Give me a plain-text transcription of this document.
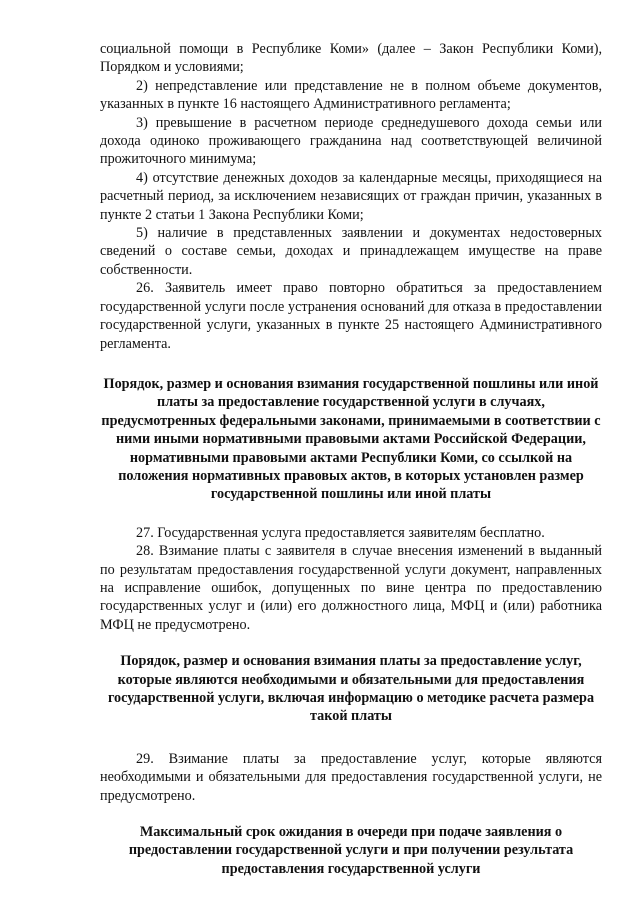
социальной помощи в Республике Коми» (далее – Закон Республики Коми), Порядком и условиями;

2) непредставление или представление не в полном объеме документов, указанных в пункте 16 настоящего Административного регламента;

3) превышение в расчетном периоде среднедушевого дохода семьи или дохода одиноко проживающего гражданина над соответствующей величиной прожиточного минимума;

4) отсутствие денежных доходов за календарные месяцы, приходящиеся на расчетный период, за исключением независящих от граждан причин, указанных в пункте 2 статьи 1 Закона Республики Коми;

5) наличие в представленных заявлении и документах недостоверных сведений о составе семьи, доходах и принадлежащем имуществе на праве собственности.

26. Заявитель имеет право повторно обратиться за предоставлением государственной услуги после устранения оснований для отказа в предоставлении государственной услуги, указанных в пункте 25 настоящего Административного регламента.

Порядок, размер и основания взимания государственной пошлины или иной платы за предоставление государственной услуги в случаях, предусмотренных федеральными законами, принимаемыми в соответствии с ними иными нормативными правовыми актами Российской Федерации, нормативными правовыми актами Республики Коми, со ссылкой на положения нормативных правовых актов, в которых установлен размер государственной пошлины или иной платы

27. Государственная услуга предоставляется заявителям бесплатно.

28. Взимание платы с заявителя в случае внесения изменений в выданный по результатам предоставления государственной услуги документ, направленных на исправление ошибок, допущенных по вине центра по предоставлению государственных услуг и (или) его должностного лица, МФЦ и (или) работника МФЦ не предусмотрено.

Порядок, размер и основания взимания платы за предоставление услуг, которые являются необходимыми и обязательными для предоставления государственной услуги, включая информацию о методике расчета размера такой платы

29. Взимание платы за предоставление услуг, которые являются необходимыми и обязательными для предоставления государственной услуги, не предусмотрено.

Максимальный срок ожидания в очереди при подаче заявления о предоставлении государственной услуги и при получении результата предоставления государственной услуги
